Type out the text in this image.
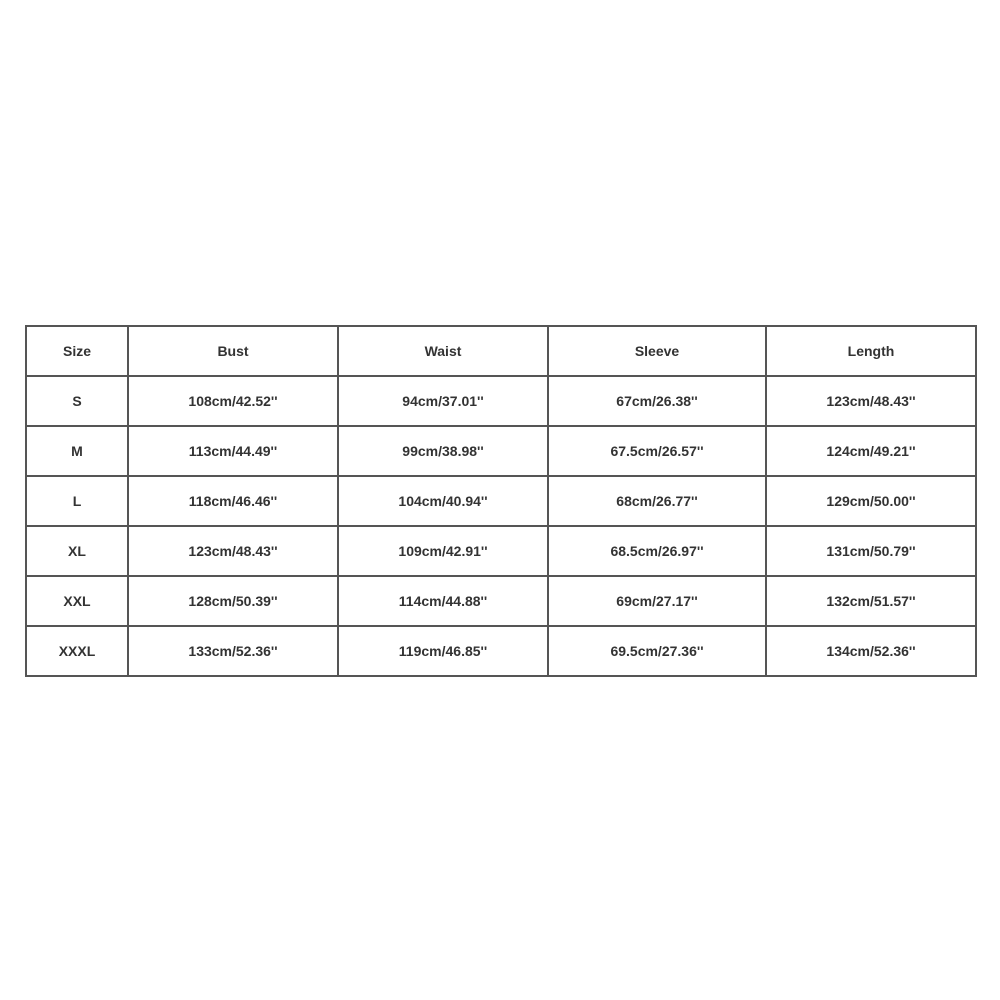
Size	Bust	Waist	Sleeve	Length
S	108cm/42.52''	94cm/37.01''	67cm/26.38''	123cm/48.43''
M	113cm/44.49''	99cm/38.98''	67.5cm/26.57''	124cm/49.21''
L	118cm/46.46''	104cm/40.94''	68cm/26.77''	129cm/50.00''
XL	123cm/48.43''	109cm/42.91''	68.5cm/26.97''	131cm/50.79''
XXL	128cm/50.39''	114cm/44.88''	69cm/27.17''	132cm/51.57''
XXXL	133cm/52.36''	119cm/46.85''	69.5cm/27.36''	134cm/52.36''
